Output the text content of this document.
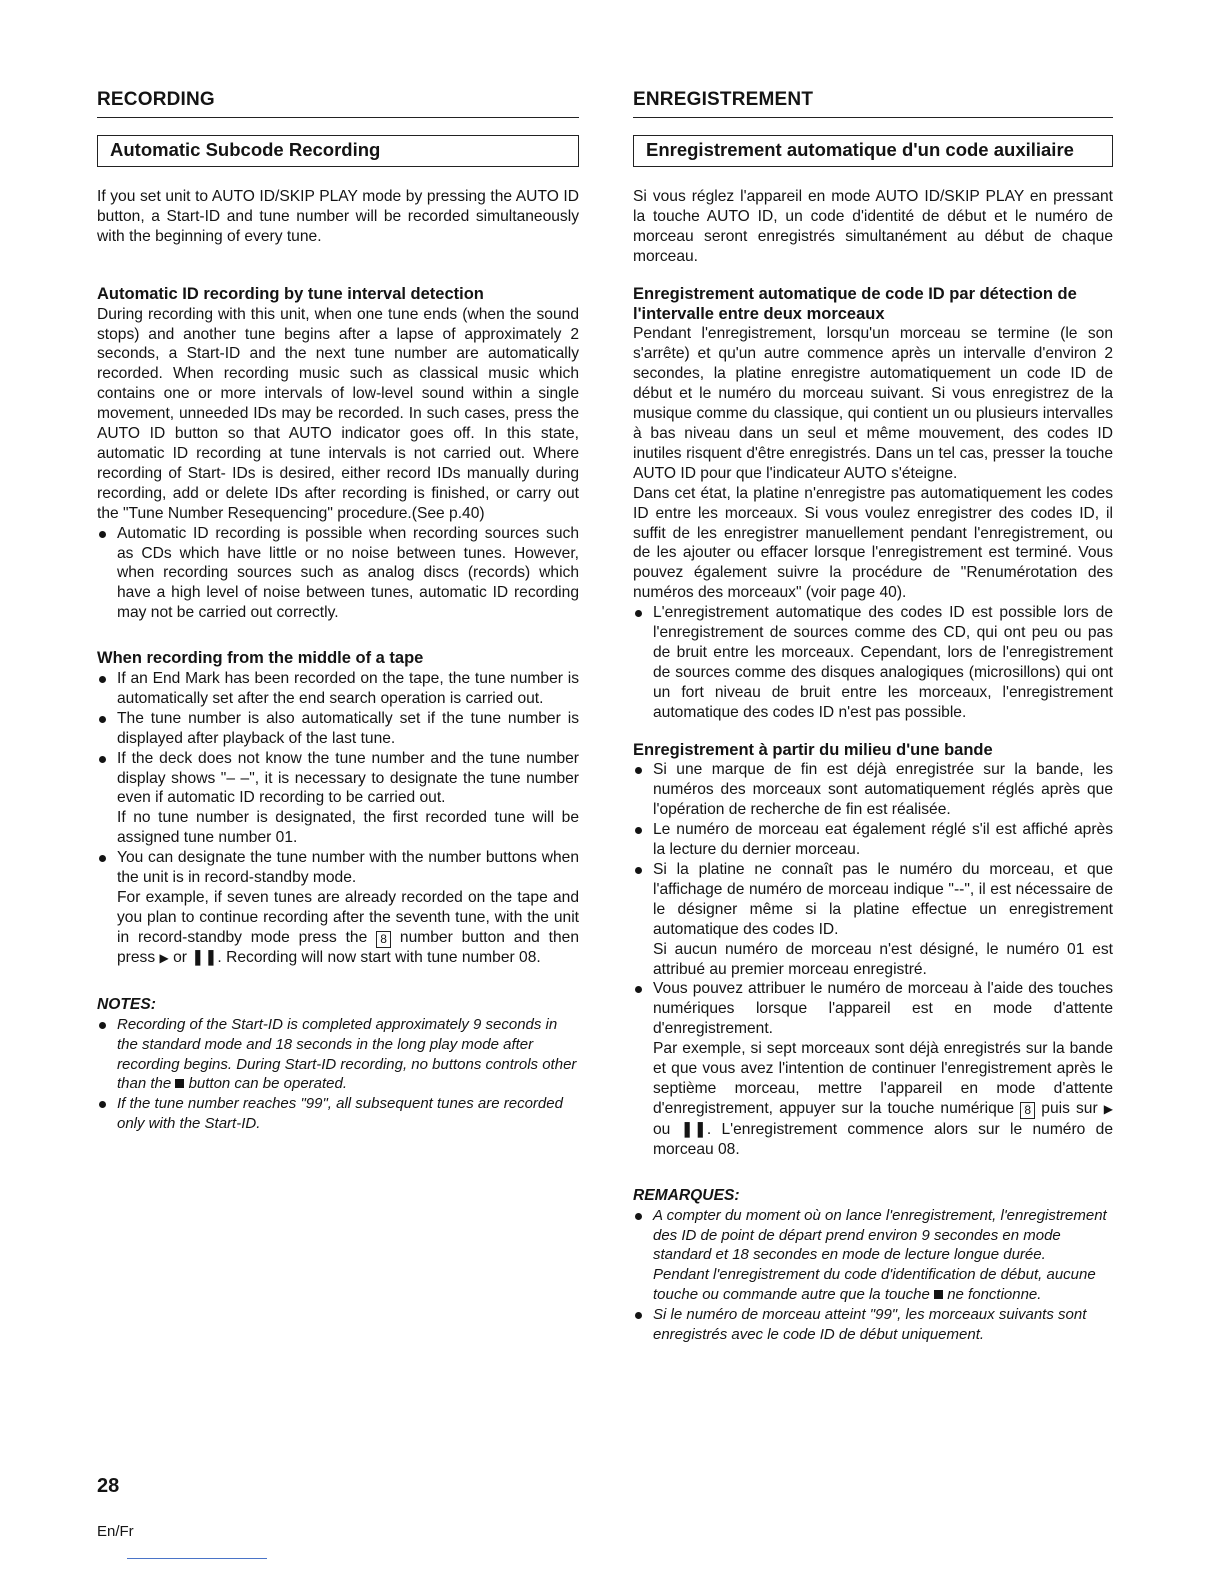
RECORDING
Automatic Subcode Recording

If you set unit to AUTO ID/SKIP PLAY mode by pressing the AUTO ID button, a Start-ID and tune number will be recorded simultaneously with the beginning of every tune.

Automatic ID recording by tune interval detection

During recording with this unit, when one tune ends (when the sound stops) and another tune begins after a lapse of approximately 2 seconds, a Start-ID and the next tune number are automatically recorded. When recording music such as classical music which contains one or more intervals of low-level sound within a single movement, unneeded IDs may be recorded. In such cases, press the AUTO ID button so that AUTO indicator goes off. In this state, automatic ID recording at tune intervals is not carried out. Where recording of Start- IDs is desired, either record IDs manually during recording, add or delete IDs after recording is finished, or carry out the "Tune Number Resequencing" procedure.(See p.40)

Automatic ID recording is possible when recording sources such as CDs which have little or no noise between tunes. However, when recording sources such as analog discs (records) which have a high level of noise between tunes, automatic ID recording may not be carried out correctly.

When recording from the middle of a tape

If an End Mark has been recorded on the tape, the tune number is automatically set after the end search operation is carried out.
The tune number is also automatically set if the tune number is displayed after playback of the last tune.
If the deck does not know the tune number and the tune number display shows "– –", it is necessary to designate the tune number even if automatic ID recording to be carried out.
If no tune number is designated, the first recorded tune will be assigned tune number 01.
You can designate the tune number with the number buttons when the unit is in record-standby mode.
For example, if seven tunes are already recorded on the tape and you plan to continue recording after the seventh tune, with the unit in record-standby mode press the 8 number button and then press ▶ or ❚❚. Recording will now start with tune number 08.

NOTES:

Recording of the Start-ID is completed approximately 9 seconds in the standard mode and 18 seconds in the long play mode after recording begins. During Start-ID recording, no buttons controls other than the button can be operated.
If the tune number reaches "99", all subsequent tunes are recorded only with the Start-ID.
ENREGISTREMENT
Enregistrement automatique d'un code auxiliaire

Si vous réglez l'appareil en mode AUTO ID/SKIP PLAY en pressant la touche AUTO ID, un code d'identité de début et le numéro de morceau seront enregistrés simultanément au début de chaque morceau.

Enregistrement automatique de code ID par détection de l'intervalle entre deux morceaux

Pendant l'enregistrement, lorsqu'un morceau se termine (le son s'arrête) et qu'un autre commence après un intervalle d'environ 2 secondes, la platine enregistre automatiquement un code ID de début et le numéro du morceau suivant. Si vous enregistrez de la musique comme du classique, qui contient un ou plusieurs intervalles à bas niveau dans un seul et même mouvement, des codes ID inutiles risquent d'être enregistrés. Dans un tel cas, presser la touche AUTO ID pour que l'indicateur AUTO s'éteigne.

Dans cet état, la platine n'enregistre pas automatiquement les codes ID entre les morceaux. Si vous voulez enregistrer des codes ID, il suffit de les enregistrer manuellement pendant l'enregistrement, ou de les ajouter ou effacer lorsque l'enregistrement est terminé. Vous pouvez également suivre la procédure de "Renumérotation des numéros des morceaux" (voir page 40).

L'enregistrement automatique des codes ID est possible lors de l'enregistrement de sources comme des CD, qui ont peu ou pas de bruit entre les morceaux. Cependant, lors de l'enregistrement de sources comme des disques analogiques (microsillons) qui ont un fort niveau de bruit entre les morceaux, l'enregistrement automatique des codes ID n'est pas possible.

Enregistrement à partir du milieu d'une bande

Si une marque de fin est déjà enregistrée sur la bande, les numéros des morceaux sont automatiquement réglés après que l'opération de recherche de fin est réalisée.
Le numéro de morceau eat également réglé s'il est affiché après la lecture du dernier morceau.
Si la platine ne connaît pas le numéro du morceau, et que l'affichage de numéro de morceau indique "--", il est nécessaire de le désigner même si la platine effectue un enregistrement automatique des codes ID.
Si aucun numéro de morceau n'est désigné, le numéro 01 est attribué au premier morceau enregistré.
Vous pouvez attribuer le numéro de morceau à l'aide des touches numériques lorsque l'appareil est en mode d'attente d'enregistrement.
Par exemple, si sept morceaux sont déjà enregistrés sur la bande et que vous avez l'intention de continuer l'enregistrement après le septième morceau, mettre l'appareil en mode d'attente d'enregistrement, appuyer sur la touche numérique 8 puis sur ▶ ou ❚❚. L'enregistrement commence alors sur le numéro de morceau 08.

REMARQUES:

A compter du moment où on lance l'enregistrement, l'enregistrement des ID de point de départ prend environ 9 secondes en mode standard et 18 secondes en mode de lecture longue durée.
Pendant l'enregistrement du code d'identification de début, aucune touche ou commande autre que la touche ne fonctionne.
Si le numéro de morceau atteint "99", les morceaux suivants sont enregistrés avec le code ID de début uniquement.
28
En/Fr
